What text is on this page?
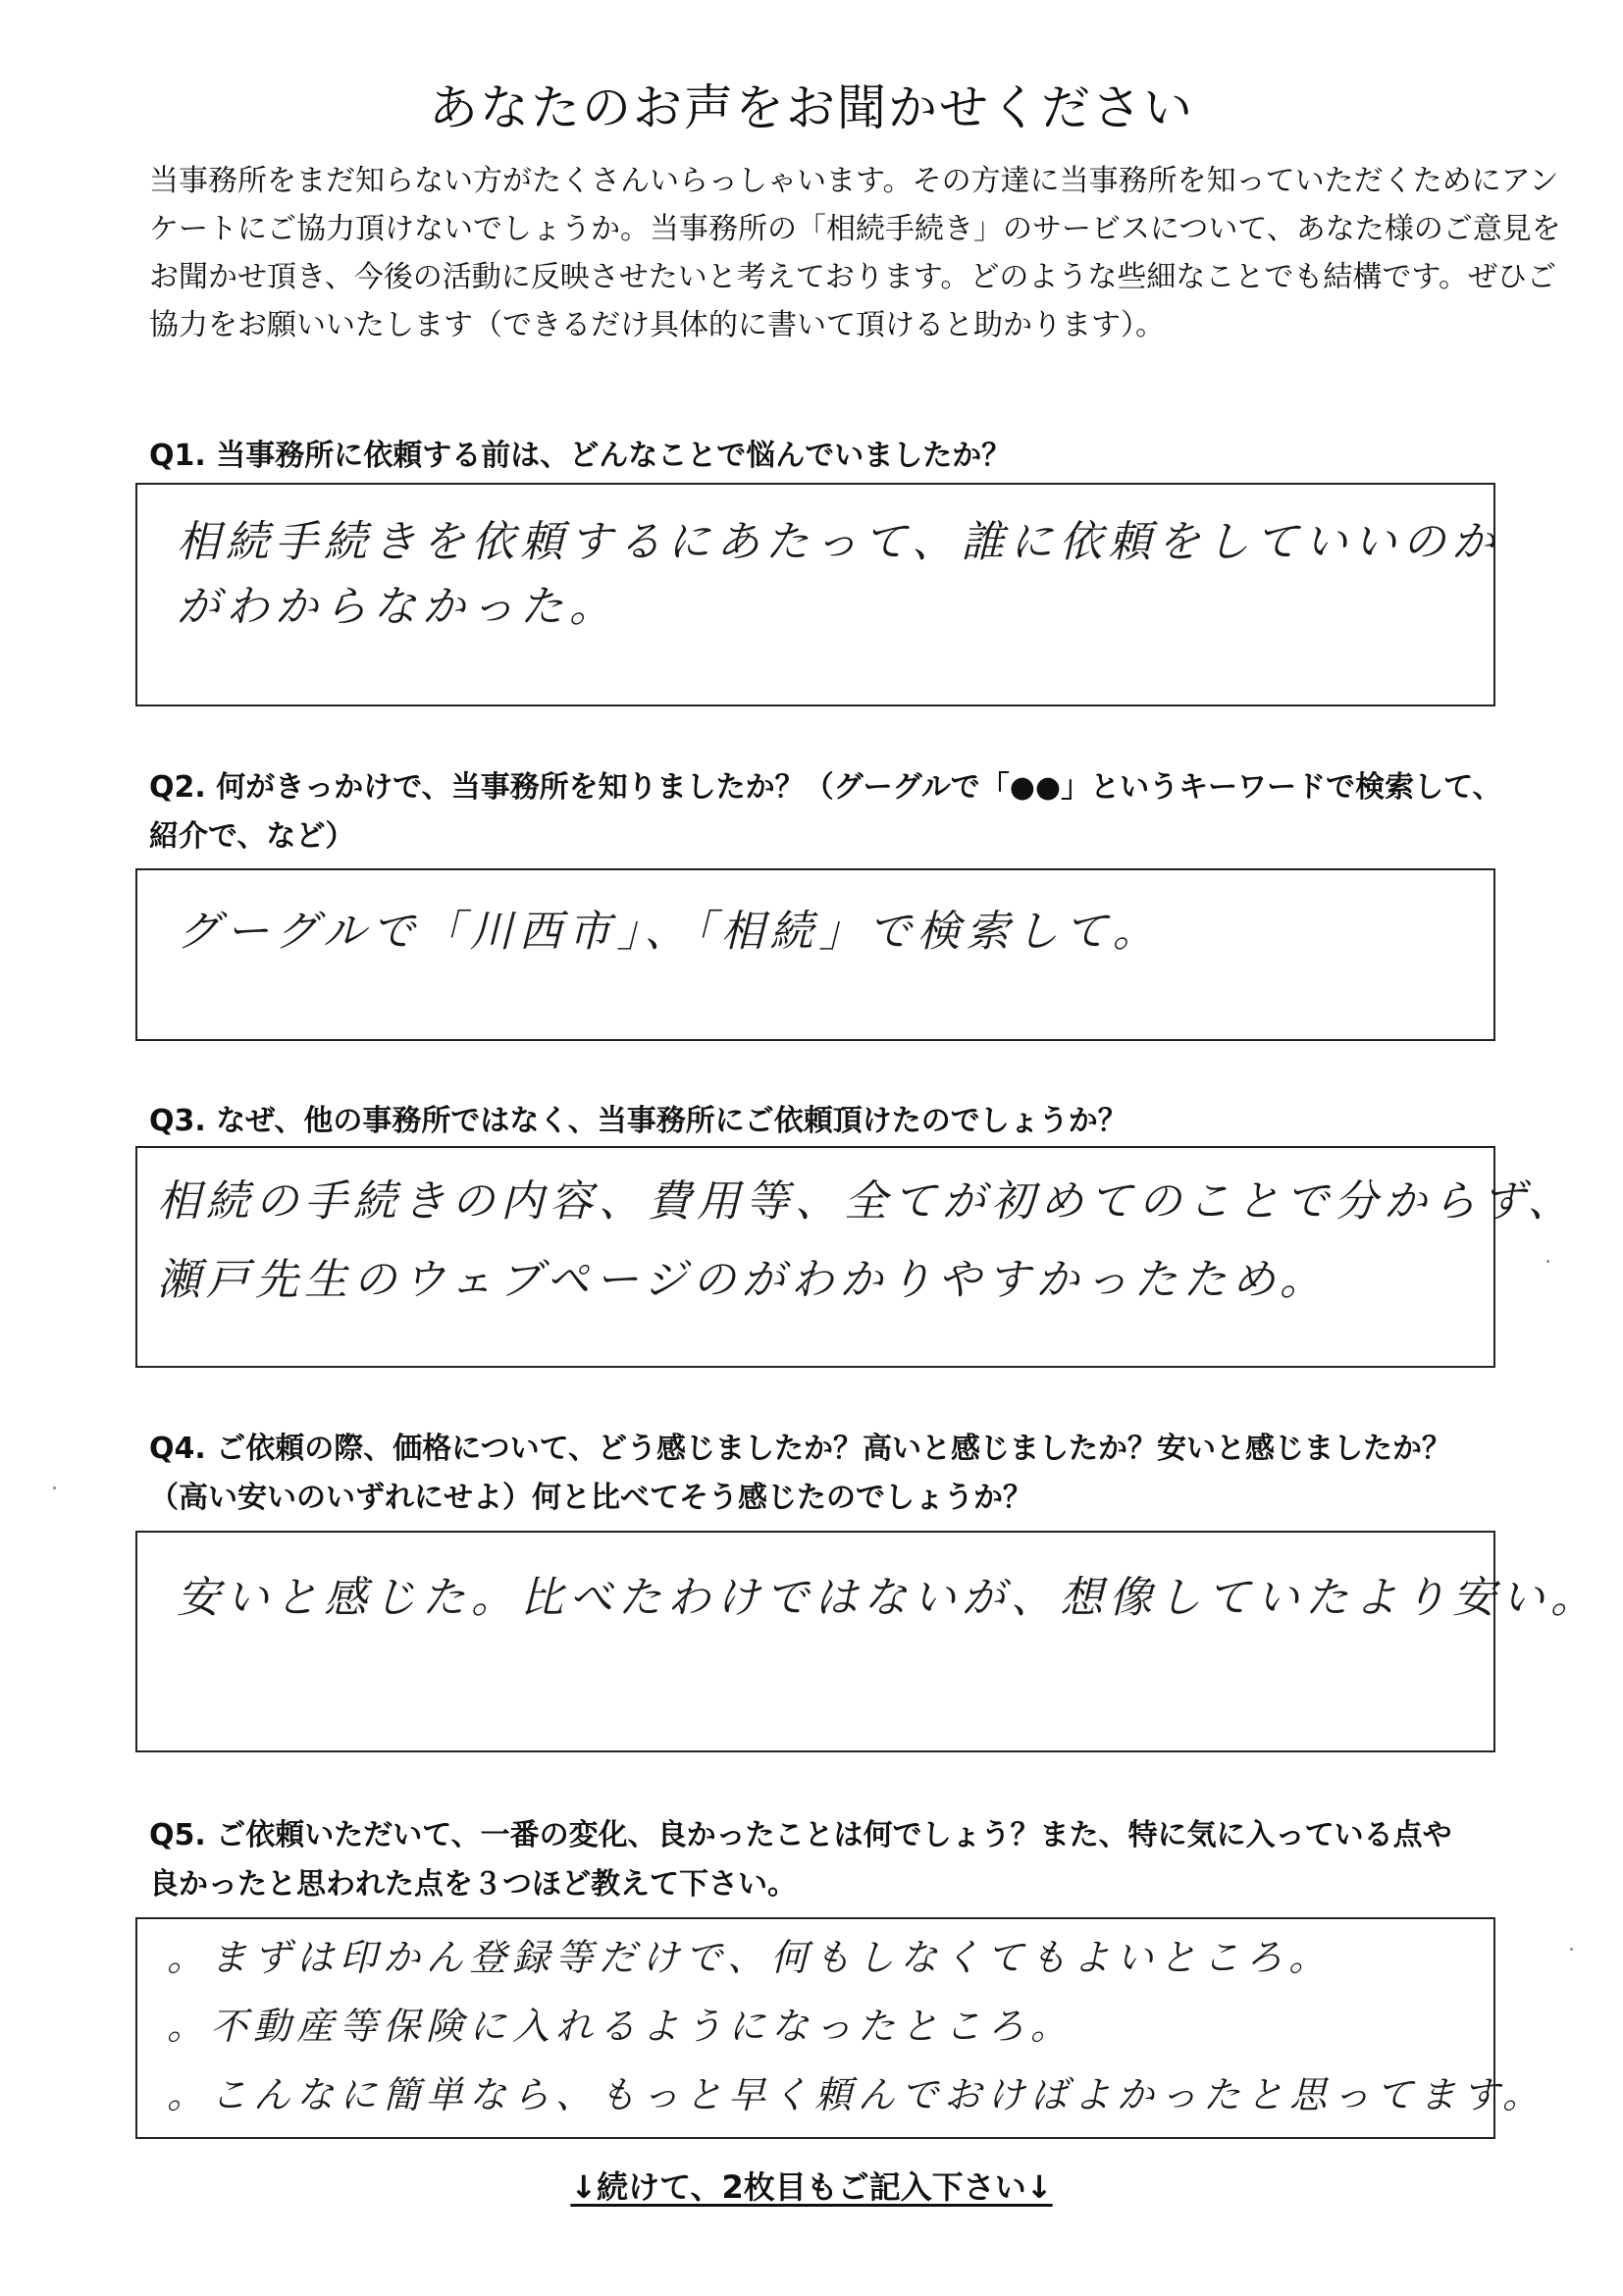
あなたのお声をお聞かせください

当事務所をまだ知らない方がたくさんいらっしゃいます。その方達に当事務所を知っていただくためにアン

ケートにご協力頂けないでしょうか。当事務所の「相続手続き」のサービスについて、あなた様のご意見を

お聞かせ頂き、今後の活動に反映させたいと考えております。どのような些細なことでも結構です。ぜひご

協力をお願いいたします（できるだけ具体的に書いて頂けると助かります）。

Q1. 当事務所に依頼する前は、どんなことで悩んでいましたか？

相続手続きを依頼するにあたって、誰に依頼をしていいのか
がわからなかった。

Q2. 何がきっかけで、当事務所を知りましたか？（グーグルで「●●」というキーワードで検索して、

紹介で、など）

グーグルで「川西市」、「相続」で検索して。

Q3. なぜ、他の事務所ではなく、当事務所にご依頼頂けたのでしょうか？

相続の手続きの内容、費用等、全てが初めてのことで分からず、
瀬戸先生のウェブページのがわかりやすかったため。

Q4. ご依頼の際、価格について、どう感じましたか？高いと感じましたか？安いと感じましたか？

（高い安いのいずれにせよ）何と比べてそう感じたのでしょうか？

安いと感じた。比べたわけではないが、想像していたより安い。

Q5. ご依頼いただいて、一番の変化、良かったことは何でしょう？また、特に気に入っている点や

良かったと思われた点を３つほど教えて下さい。

。まずは印かん登録等だけで、何もしなくてもよいところ。
。不動産等保険に入れるようになったところ。
。こんなに簡単なら、もっと早く頼んでおけばよかったと思ってます。
↓続けて、2枚目もご記入下さい↓
